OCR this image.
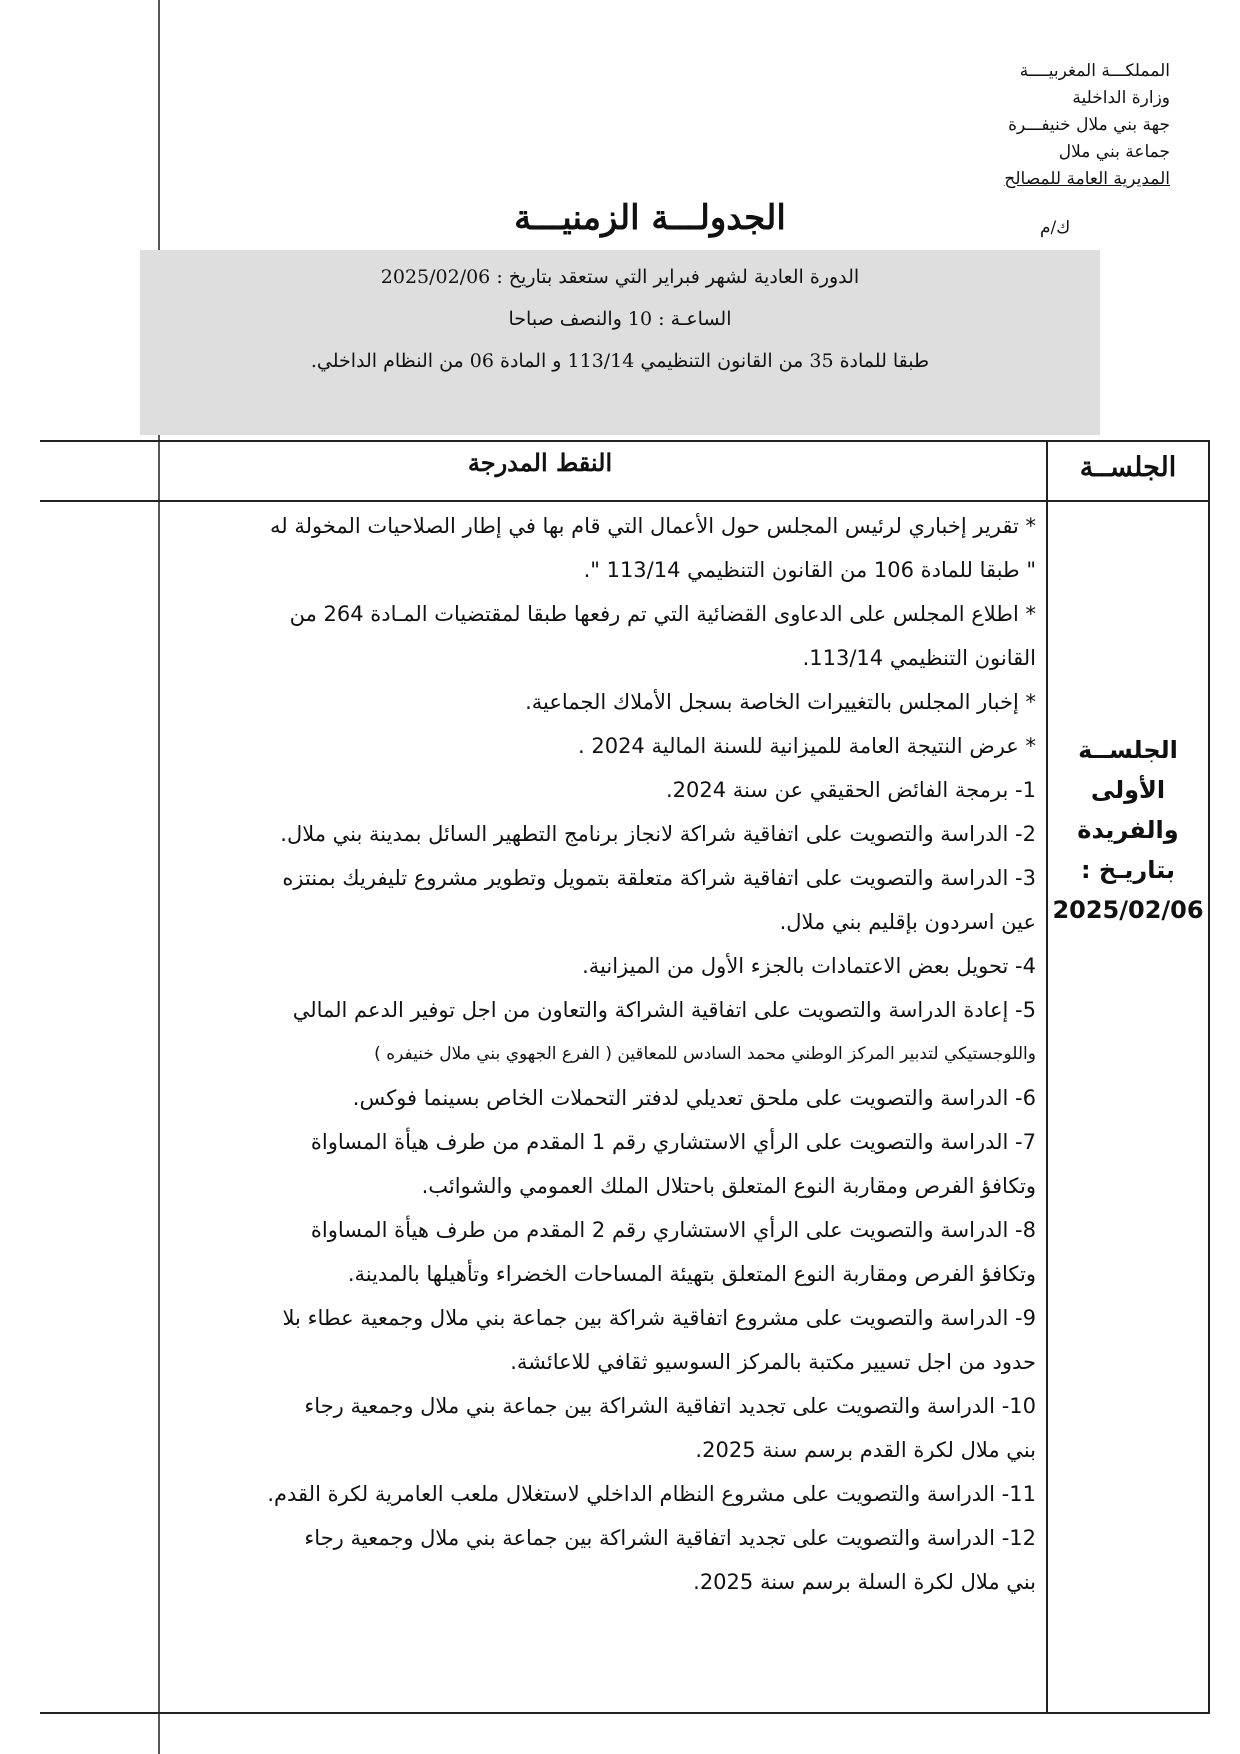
المملكـــة المغربيــــة
وزارة الداخلية
جهة بني ملال خنيفـــرة
جماعة بني ملال
المديرية العامة للمصالح
ك/م
الجدولـــة الزمنيـــة
الدورة العادية لشهر فبراير التي ستعقد بتاريخ : 2025/02/06
الساعـة : 10 والنصف صباحا
طبقا للمادة 35 من القانون التنظيمي 113/14 و المادة 06 من النظام الداخلي.
النقط المدرجة	الجلســة
الجلســة
الأولى
والفريدة
بتاريـخ :
2025/02/06
* تقرير إخباري لرئيس المجلس حول الأعمال التي قام بها في إطار الصلاحيات المخولة له
" طبقا للمادة 106 من القانون التنظيمي 113/14 ".
* اطلاع المجلس على الدعاوى القضائية التي تم رفعها طبقا لمقتضيات المـادة 264 من
القانون التنظيمي 113/14.
* إخبار المجلس بالتغييرات الخاصة بسجل الأملاك الجماعية.
* عرض النتيجة العامة للميزانية للسنة المالية 2024 .
1- برمجة الفائض الحقيقي عن سنة 2024.
2- الدراسة والتصويت على اتفاقية شراكة لانجاز برنامج التطهير السائل بمدينة بني ملال.
3- الدراسة والتصويت على اتفاقية شراكة متعلقة بتمويل وتطوير مشروع تليفريك بمنتزه
عين اسردون بإقليم بني ملال.
4- تحويل بعض الاعتمادات بالجزء الأول من الميزانية.
5- إعادة الدراسة والتصويت على اتفاقية الشراكة والتعاون من اجل توفير الدعم المالي
واللوجستيكي لتدبير المركز الوطني محمد السادس للمعاقين ( الفرع الجهوي بني ملال خنيفره )
6- الدراسة والتصويت على ملحق تعديلي لدفتر التحملات الخاص بسينما فوكس.
7- الدراسة والتصويت على الرأي الاستشاري رقم 1 المقدم من طرف هيأة المساواة
وتكافؤ الفرص ومقاربة النوع المتعلق باحتلال الملك العمومي والشوائب.
8- الدراسة والتصويت على الرأي الاستشاري رقم 2 المقدم من طرف هيأة المساواة
وتكافؤ الفرص ومقاربة النوع المتعلق بتهيئة المساحات الخضراء وتأهيلها بالمدينة.
9- الدراسة والتصويت على مشروع اتفاقية شراكة بين جماعة بني ملال وجمعية عطاء بلا
حدود من اجل تسيير مكتبة بالمركز السوسيو ثقافي للاعائشة.
10- الدراسة والتصويت على تجديد اتفاقية الشراكة بين جماعة بني ملال وجمعية رجاء
بني ملال لكرة القدم برسم سنة 2025.
11- الدراسة والتصويت على مشروع النظام الداخلي لاستغلال ملعب العامرية لكرة القدم.
12- الدراسة والتصويت على تجديد اتفاقية الشراكة بين جماعة بني ملال وجمعية رجاء
بني ملال لكرة السلة برسم سنة 2025.
